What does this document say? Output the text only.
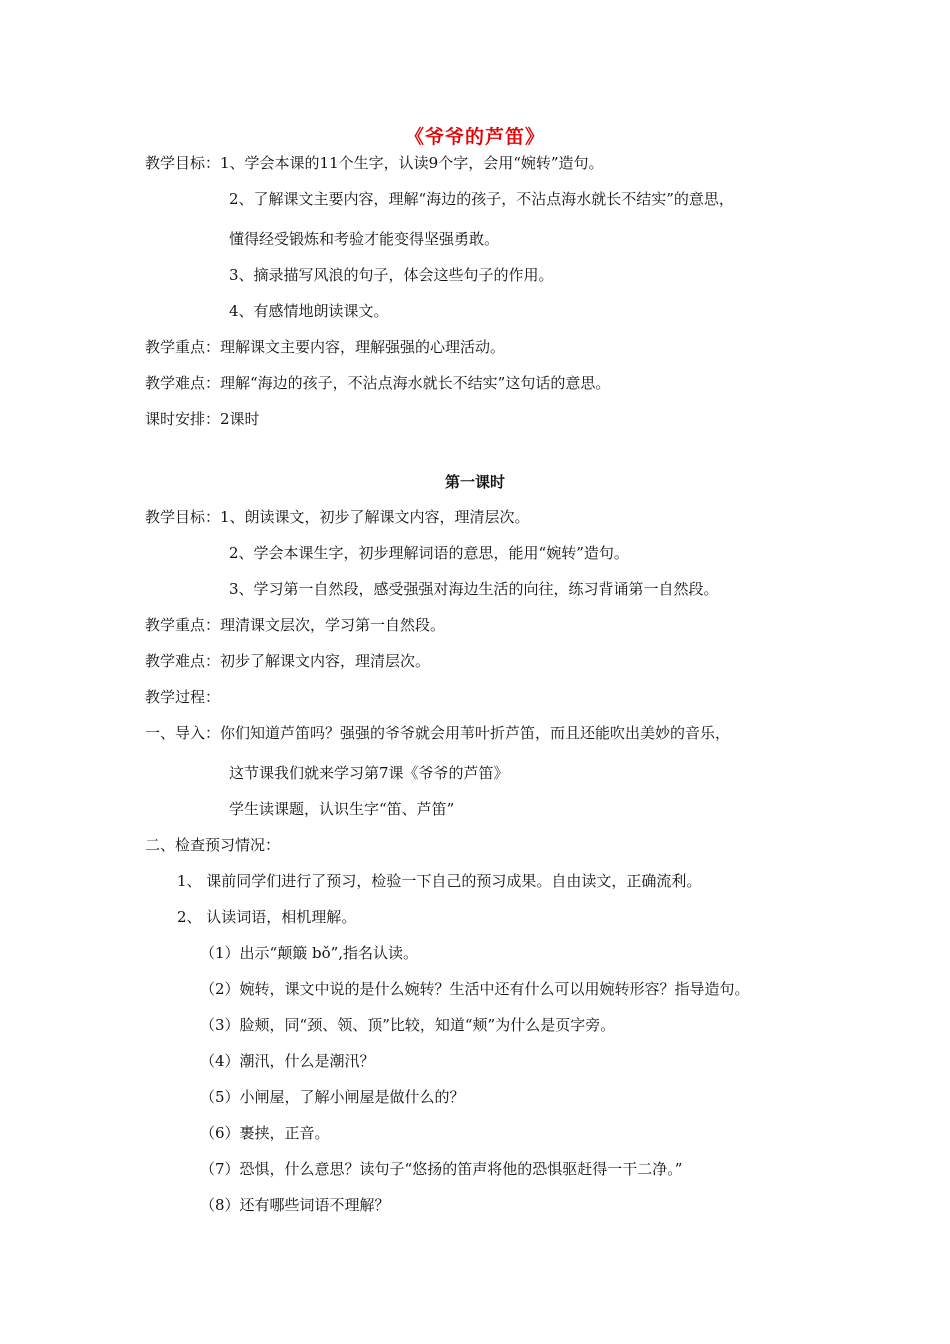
《爷爷的芦笛》
教学目标：1、学会本课的11个生字，认读9个字，会用“婉转”造句。
2、了解课文主要内容，理解“海边的孩子，不沾点海水就长不结实”的意思，
懂得经受锻炼和考验才能变得坚强勇敢。
3、摘录描写风浪的句子，体会这些句子的作用。
4、有感情地朗读课文。
教学重点：理解课文主要内容，理解强强的心理活动。
教学难点：理解“海边的孩子，不沾点海水就长不结实”这句话的意思。
课时安排：2课时
第一课时
教学目标：1、朗读课文，初步了解课文内容，理清层次。
2、学会本课生字，初步理解词语的意思，能用“婉转”造句。
3、学习第一自然段，感受强强对海边生活的向往，练习背诵第一自然段。
教学重点：理清课文层次，学习第一自然段。
教学难点：初步了解课文内容，理清层次。
教学过程：
一、导入：你们知道芦笛吗？强强的爷爷就会用苇叶折芦笛，而且还能吹出美妙的音乐，
这节课我们就来学习第7课《爷爷的芦笛》
学生读课题，认识生字“笛、芦笛”
二、检查预习情况：
1、 课前同学们进行了预习，检验一下自己的预习成果。自由读文，正确流利。
2、 认读词语，相机理解。
（1）出示“颠簸 bǒ”,指名认读。
（2）婉转，课文中说的是什么婉转？生活中还有什么可以用婉转形容？指导造句。
（3）脸颊，同“颈、领、顶”比较，知道“颊”为什么是页字旁。
（4）潮汛，什么是潮汛？
（5）小闸屋，了解小闸屋是做什么的？
（6）裹挟，正音。
（7）恐惧，什么意思？读句子“悠扬的笛声将他的恐惧驱赶得一干二净。”
（8）还有哪些词语不理解？
